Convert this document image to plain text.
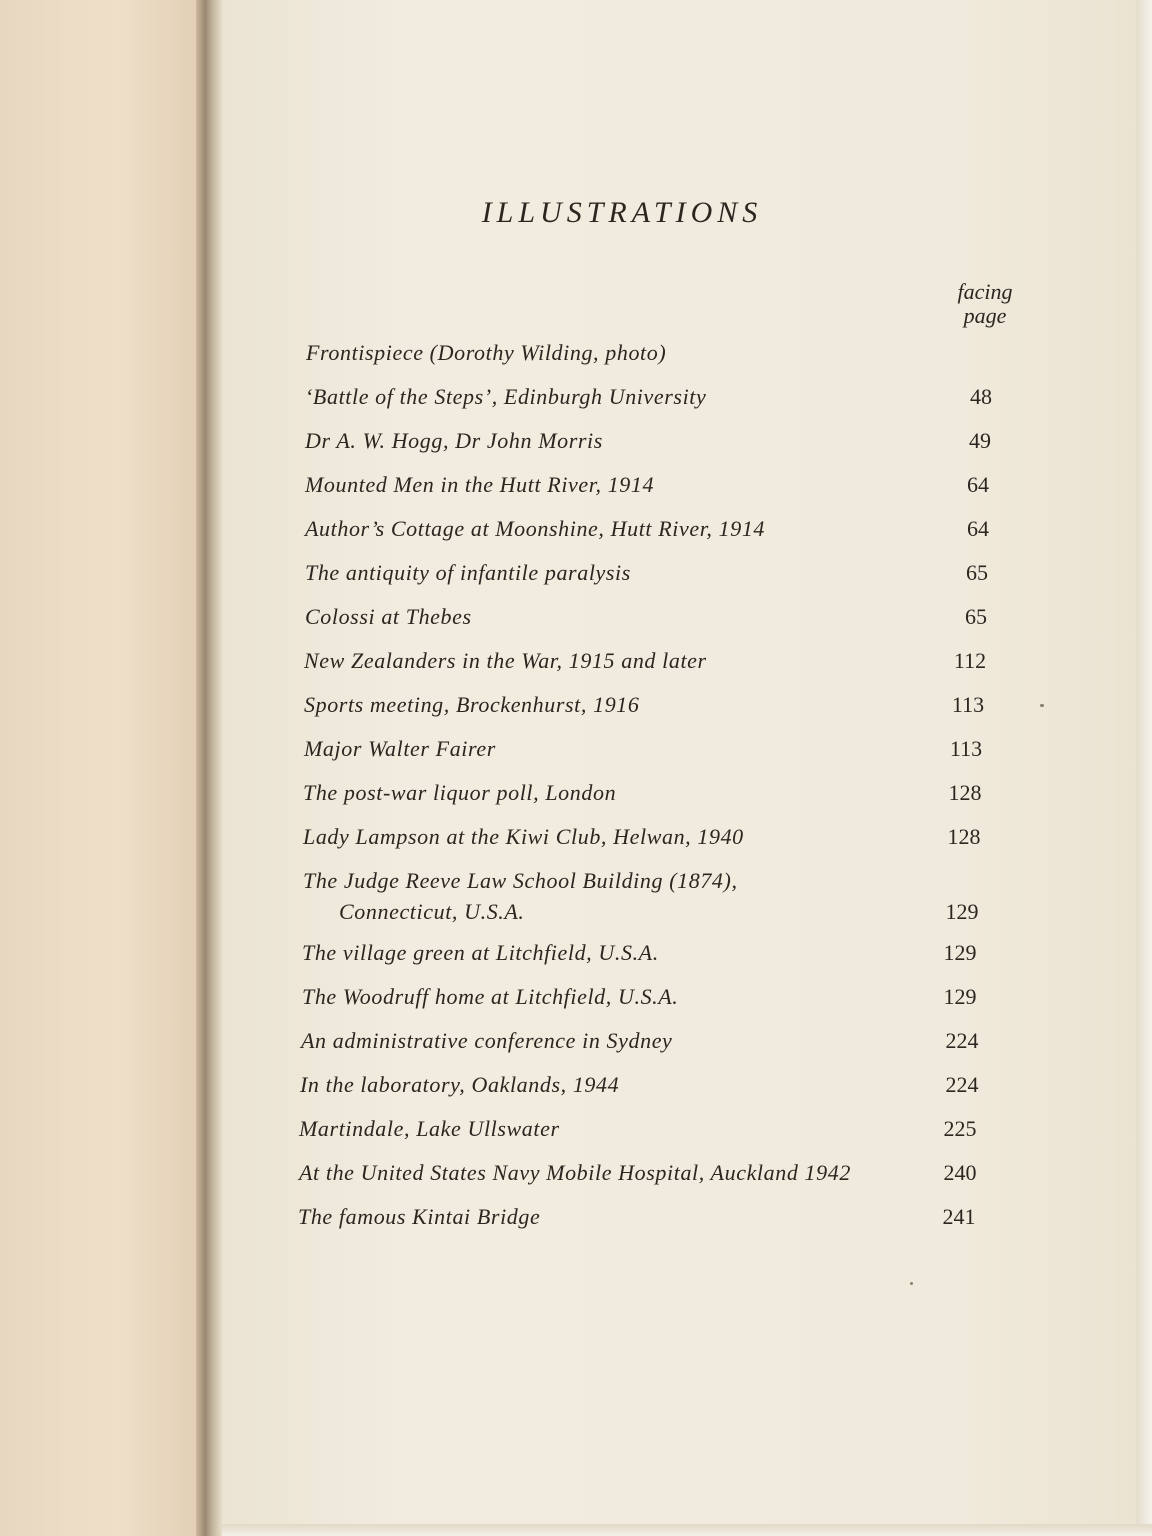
ILLUSTRATIONS
facing
page
Frontispiece (Dorothy Wilding, photo)
‘Battle of the Steps’, Edinburgh University	48
Dr A. W. Hogg, Dr John Morris	49
Mounted Men in the Hutt River, 1914	64
Author’s Cottage at Moonshine, Hutt River, 1914	64
The antiquity of infantile paralysis	65
Colossi at Thebes	65
New Zealanders in the War, 1915 and later	112
Sports meeting, Brockenhurst, 1916	113
Major Walter Fairer	113
The post-war liquor poll, London	128
Lady Lampson at the Kiwi Club, Helwan, 1940	128
The Judge Reeve Law School Building (1874),
Connecticut, U.S.A.	129
The village green at Litchfield, U.S.A.	129
The Woodruff home at Litchfield, U.S.A.	129
An administrative conference in Sydney	224
In the laboratory, Oaklands, 1944	224
Martindale, Lake Ullswater	225
At the United States Navy Mobile Hospital, Auckland 1942	240
The famous Kintai Bridge	241
